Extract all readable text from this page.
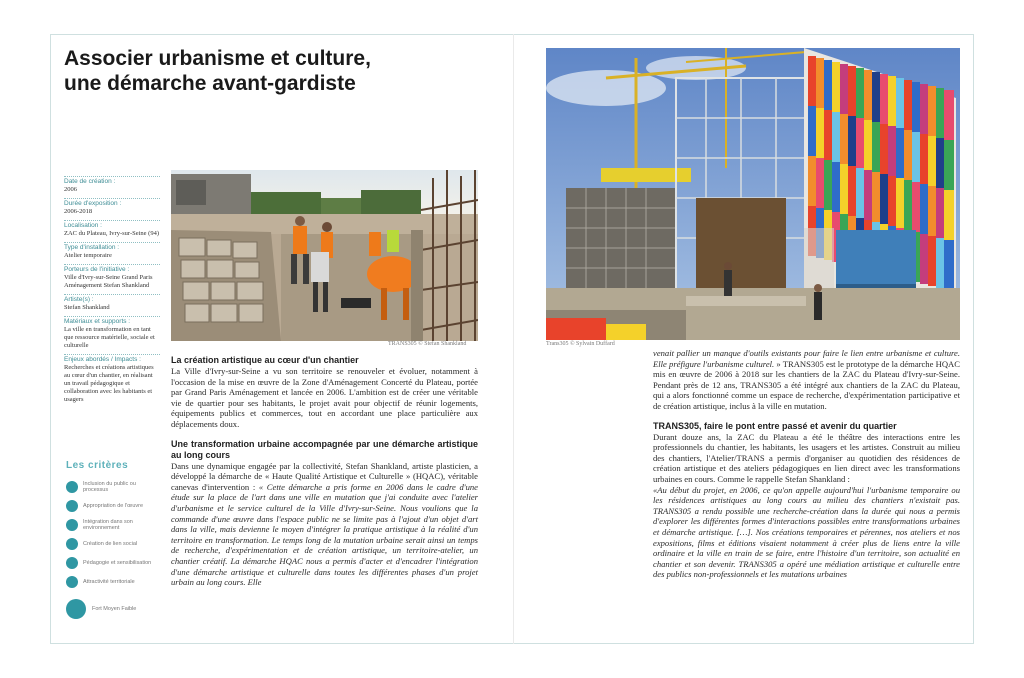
Associer urbanisme et culture,
une démarche avant-gardiste
Date de création :
2006
Durée d'exposition :
2006-2018
Localisation :
ZAC du Plateau, Ivry-sur-Seine (94)
Type d'installation :
Atelier temporaire
Porteurs de l'initiative :
Ville d'Ivry-sur-Seine Grand Paris Aménagement Stefan Shankland
Artiste(s) :
Stefan Shankland
Matériaux et supports :
La ville en transformation en tant que ressource matérielle, sociale et culturelle
Enjeux abordés / Impacts :
Recherches et créations artistiques au cœur d'un chantier, en réalisant un travail pédagogique et collaboration avec les habitants et usagers
Les critères
Inclusion du public ou processus
Appropriation de l'œuvre
Intégration dans son environnement
Création de lien social
Pédagogie et sensibilisation
Attractivité territoriale
Fort Moyen Faible
TRANS305 © Stefan Shankland	Trans305 © Sylvain Duffard
La création artistique au cœur d'un chantier

La Ville d'Ivry-sur-Seine a vu son territoire se renouveler et évoluer, notamment à l'occasion de la mise en œuvre de la Zone d'Aménagement Concerté du Plateau, portée par Grand Paris Aménagement et lancée en 2006. L'ambition est de créer une véritable vie de quartier pour ses habitants, le projet avait pour objectif de réunir logements, équipements publics et commerces, tout en accordant une place particulière aux déplacements doux.

Une transformation urbaine accompagnée par une démarche artistique au long cours

Dans une dynamique engagée par la collectivité, Stefan Shankland, artiste plasticien, a développé la démarche de « Haute Qualité Artistique et Culturelle » (HQAC), véritable canevas d'intervention : « Cette démarche a pris forme en 2006 dans le cadre d'une étude sur la place de l'art dans une ville en mutation que j'ai conduite avec l'atelier d'urbanisme et le service culturel de la Ville d'Ivry-sur-Seine. Nous voulions que la commande d'une œuvre dans l'espace public ne se limite pas à l'ajout d'un objet d'art dans la ville, mais devienne le moyen d'intégrer la pratique artistique à la réalité d'un territoire en transformation. Le temps long de la mutation urbaine serait ainsi un temps de recherche, d'expérimentation et de création artistique, un territoire-atelier, un chantier créatif. La démarche HQAC nous a permis d'acter et d'encadrer l'intégration d'une démarche artistique et culturelle dans toutes les différentes phases d'un projet urbain au long cours. Elle

venait pallier un manque d'outils existants pour faire le lien entre urbanisme et culture. Elle préfigure l'urbanisme culturel. » TRANS305 est le prototype de la démarche HQAC mis en œuvre de 2006 à 2018 sur les chantiers de la ZAC du Plateau d'Ivry-sur-Seine. Pendant près de 12 ans, TRANS305 a été intégré aux chantiers de la ZAC du Plateau, qui a alors fonctionné comme un espace de recherche, d'expérimentation participative et de création artistique, inclus à la ville en mutation.

TRANS305, faire le pont entre passé et avenir du quartier

Durant douze ans, la ZAC du Plateau a été le théâtre des interactions entre les professionnels du chantier, les habitants, les usagers et les artistes. Construit au milieu des chantiers, l'Atelier/TRANS a permis d'organiser au quotidien des résidences de création artistique et des ateliers pédagogiques en lien direct avec les transformations urbaines en cours. Comme le rappelle Stefan Shankland :

«Au début du projet, en 2006, ce qu'on appelle aujourd'hui l'urbanisme temporaire ou les résidences artistiques au long cours au milieu des chantiers n'existait pas. TRANS305 a rendu possible une recherche-création dans la durée qui nous a permis d'explorer les différentes formes d'interactions possibles entre transformations urbaines et démarche artistique. […]. Nos créations temporaires et pérennes, nos ateliers et nos expositions, films et éditions visaient notamment à créer plus de liens entre la ville ordinaire et la ville en train de se faire, entre l'histoire d'un territoire, son actualité en chantier et son devenir. TRANS305 a opéré une médiation artistique et culturelle entre des publics non-professionnels et les mutations urbaines
